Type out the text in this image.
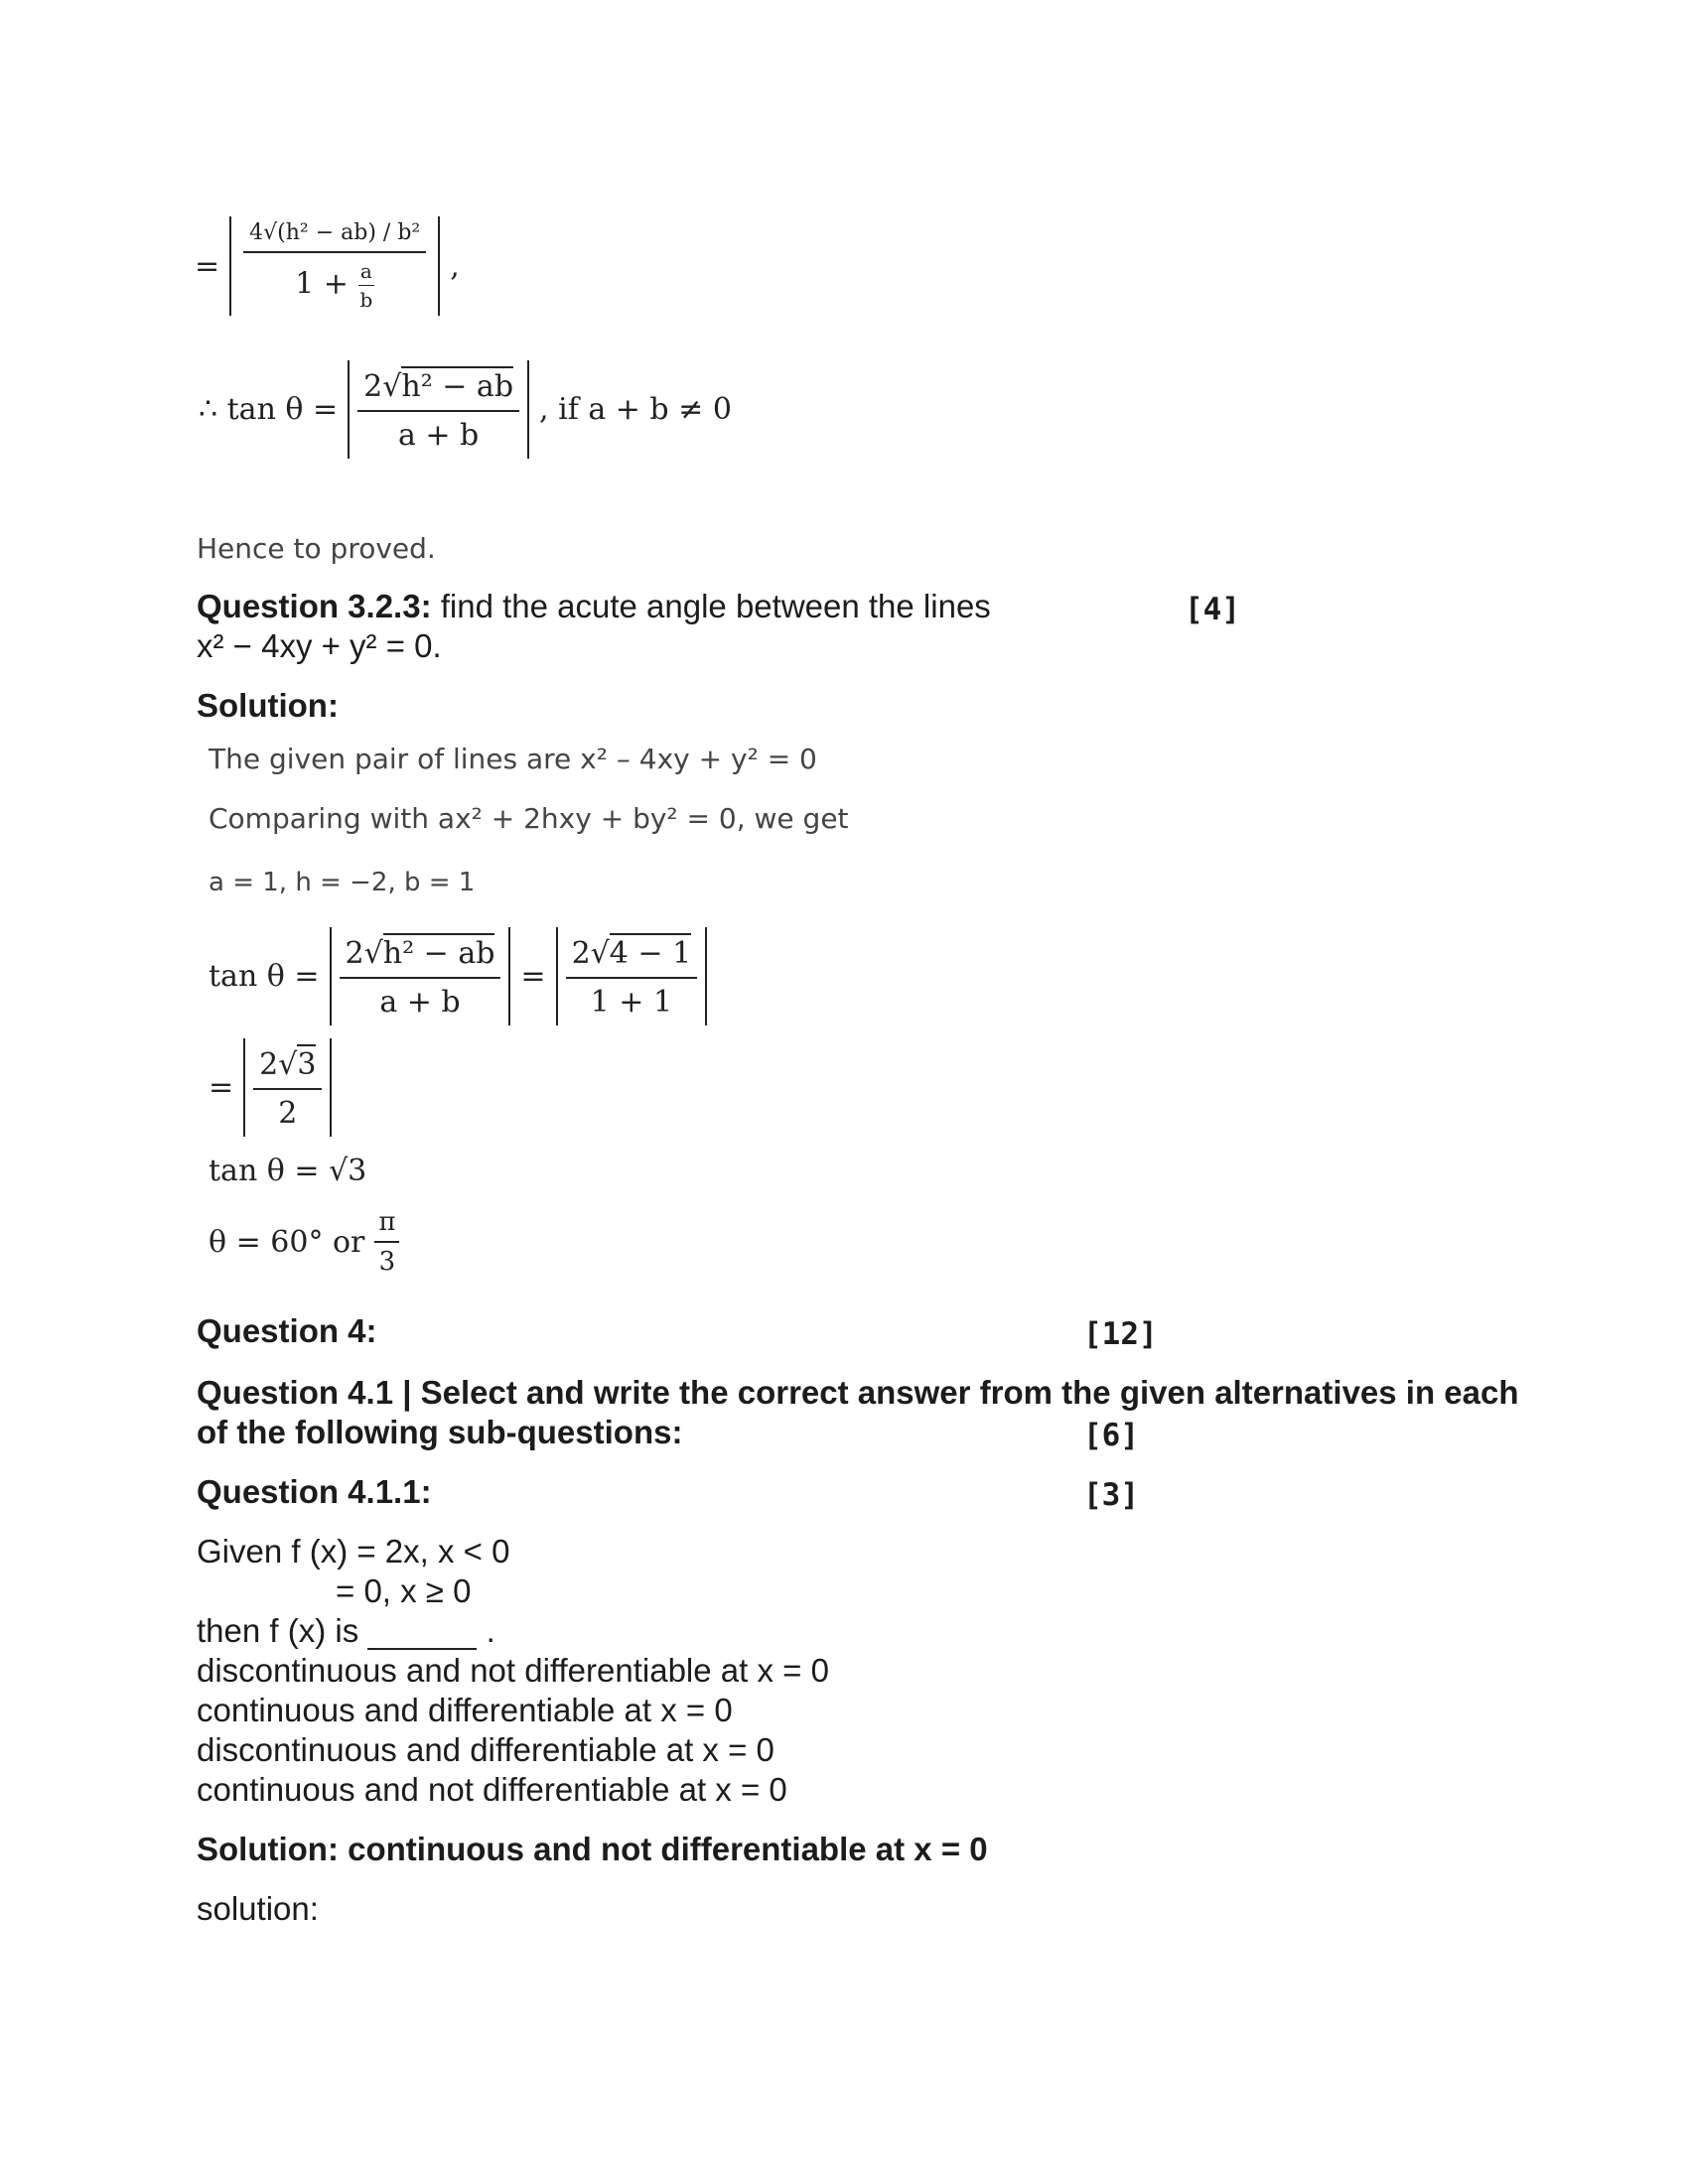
= $\frac{\text{4√(h² − ab) / b²}}{1 + \frac{a}{b}}$ ,
∴ $\tan \theta = \frac{\text{2√h² − ab}}{a + b}$ , if a + b ≠ 0
Hence to proved.
Question 3.2.3: find the acute angle between the lines	[4]
x² − 4xy + y² = 0.
Solution:
The given pair of lines are x² – 4xy + y² = 0
Comparing with ax² + 2hxy + by² = 0, we get
a = 1, h = −2, b = 1
$\tan \theta = \frac{\text{2√h² − ab}}{a + b} = \frac{2√4 - 1}{1 + 1}$
= $\frac{2√3}{2}$
tan θ = √3
θ = 60° or $\frac{\pi}{3}$
Question 4:	[12]
Question 4.1 | Select and write the correct answer from the given alternatives in each
of the following sub-questions:	[6]
Question 4.1.1:	[3]
Given f (x) = 2x, x < 0
= 0, x ≥ 0
then f (x) is	.
discontinuous and not differentiable at x = 0
continuous and differentiable at x = 0
discontinuous and differentiable at x = 0
continuous and not differentiable at x = 0
Solution: continuous and not differentiable at x = 0
solution:
